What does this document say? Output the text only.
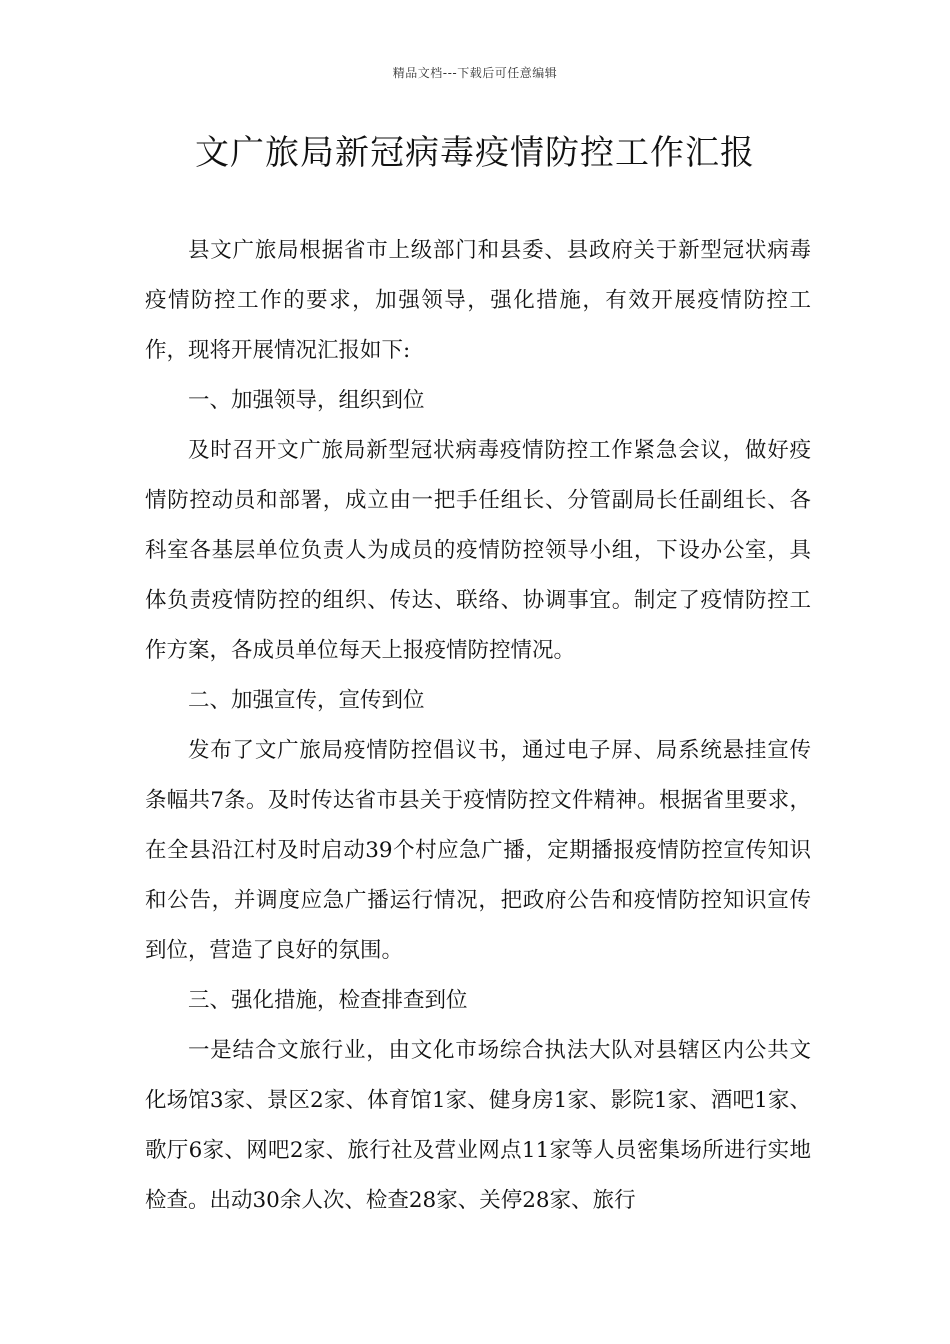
精品文档---下载后可任意编辑
文广旅局新冠病毒疫情防控工作汇报

县文广旅局根据省市上级部门和县委、县政府关于新型冠状病毒疫情防控工作的要求，加强领导，强化措施，有效开展疫情防控工作，现将开展情况汇报如下:

一、加强领导，组织到位

及时召开文广旅局新型冠状病毒疫情防控工作紧急会议，做好疫情防控动员和部署，成立由一把手任组长、分管副局长任副组长、各科室各基层单位负责人为成员的疫情防控领导小组，下设办公室，具体负责疫情防控的组织、传达、联络、协调事宜。制定了疫情防控工作方案，各成员单位每天上报疫情防控情况。

二、加强宣传，宣传到位

发布了文广旅局疫情防控倡议书，通过电子屏、局系统悬挂宣传条幅共7条。及时传达省市县关于疫情防控文件精神。根据省里要求，在全县沿江村及时启动39个村应急广播，定期播报疫情防控宣传知识和公告，并调度应急广播运行情况，把政府公告和疫情防控知识宣传到位，营造了良好的氛围。

三、强化措施，检查排查到位

一是结合文旅行业，由文化市场综合执法大队对县辖区内公共文化场馆3家、景区2家、体育馆1家、健身房1家、影院1家、酒吧1家、歌厅6家、网吧2家、旅行社及营业网点11家等人员密集场所进行实地检查。出动30余人次、检查28家、关停28家、旅行
